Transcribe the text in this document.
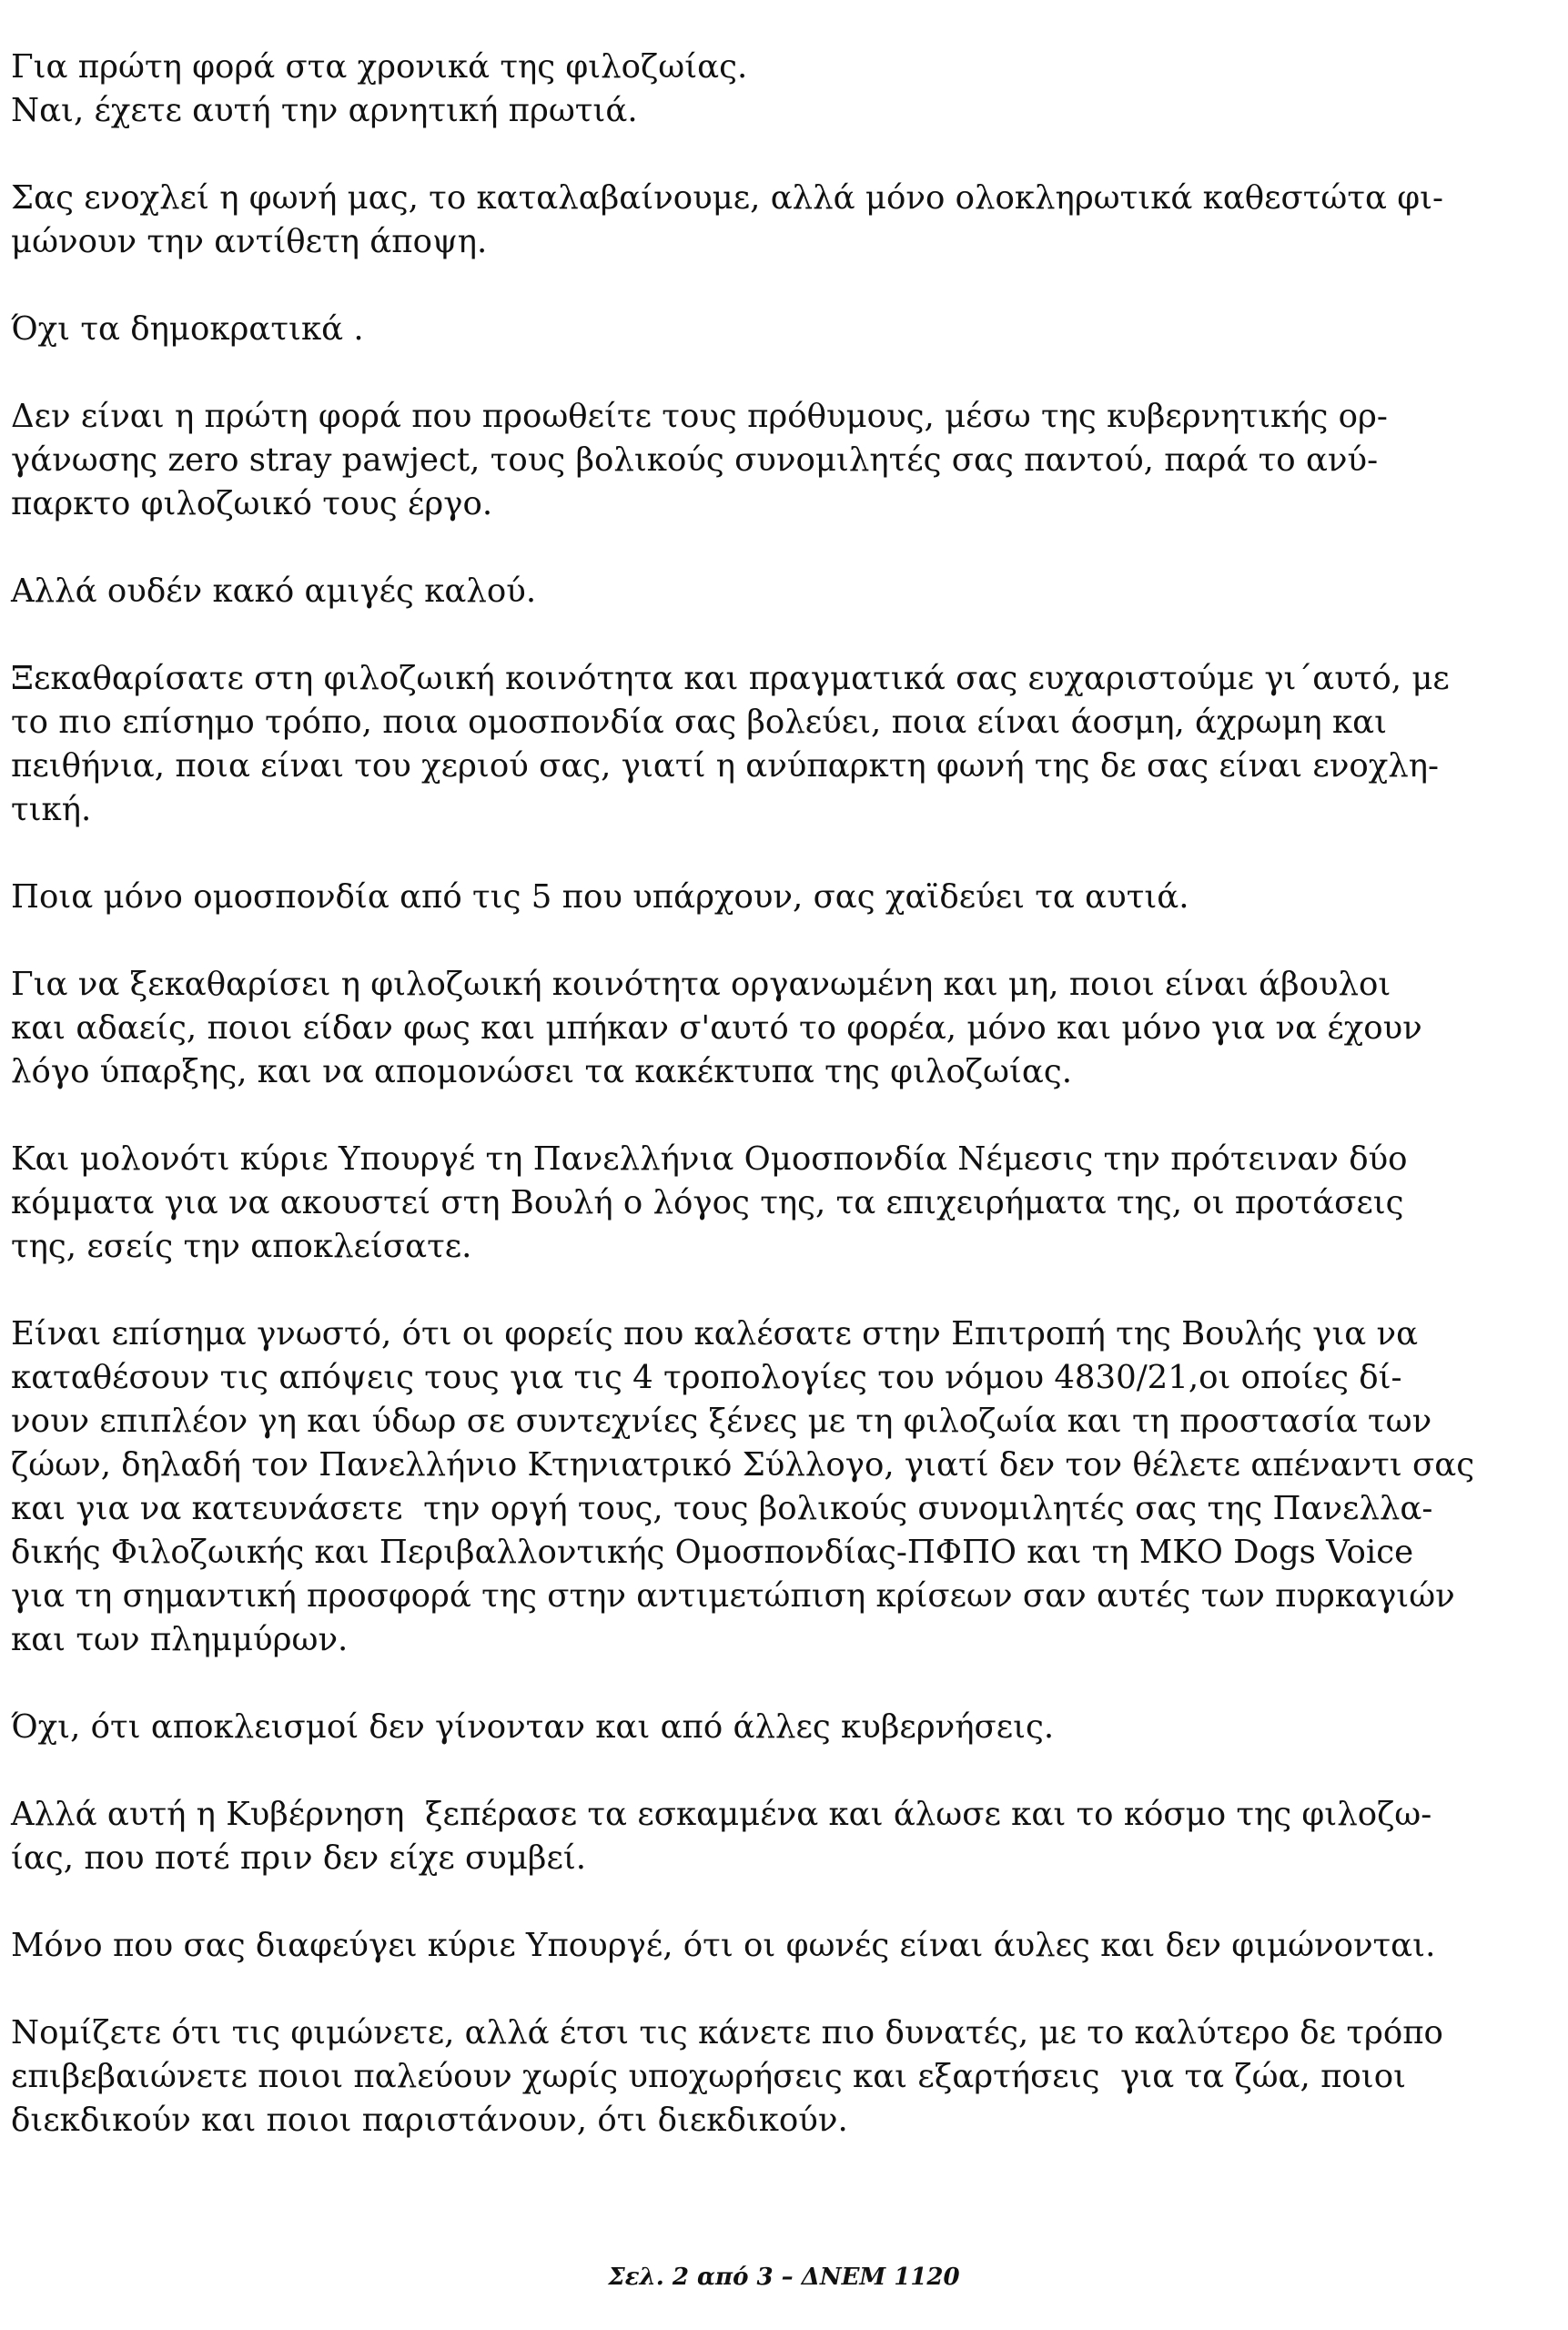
Για πρώτη φορά στα χρονικά της φιλοζωίας.
Ναι, έχετε αυτή την αρνητική πρωτιά.

Σας ενοχλεί η φωνή μας, το καταλαβαίνουμε, αλλά μόνο ολοκληρωτικά καθεστώτα φι-
μώνουν την αντίθετη άποψη.

Όχι τα δημοκρατικά .

Δεν είναι η πρώτη φορά που προωθείτε τους πρόθυμους, μέσω της κυβερνητικής ορ-
γάνωσης zero stray pawject, τους βολικούς συνομιλητές σας παντού, παρά το ανύ-
παρκτο φιλοζωικό τους έργο.

Αλλά ουδέν κακό αμιγές καλού.

Ξεκαθαρίσατε στη φιλοζωική κοινότητα και πραγματικά σας ευχαριστούμε γι΄αυτό, με
το πιο επίσημο τρόπο, ποια ομοσπονδία σας βολεύει, ποια είναι άοσμη, άχρωμη και
πειθήνια, ποια είναι του χεριού σας, γιατί η ανύπαρκτη φωνή της δε σας είναι ενοχλη-
τική.

Ποια μόνο ομοσπονδία από τις 5 που υπάρχουν, σας χαϊδεύει τα αυτιά.

Για να ξεκαθαρίσει η φιλοζωική κοινότητα οργανωμένη και μη, ποιοι είναι άβουλοι
και αδαείς, ποιοι είδαν φως και μπήκαν σ'αυτό το φορέα, μόνο και μόνο για να έχουν
λόγο ύπαρξης, και να απομονώσει τα κακέκτυπα της φιλοζωίας.

Και μολονότι κύριε Υπουργέ τη Πανελλήνια Ομοσπονδία Νέμεσις την πρότειναν δύο
κόμματα για να ακουστεί στη Βουλή ο λόγος της, τα επιχειρήματα της, οι προτάσεις
της, εσείς την αποκλείσατε.

Είναι επίσημα γνωστό, ότι οι φορείς που καλέσατε στην Επιτροπή της Βουλής για να
καταθέσουν τις απόψεις τους για τις 4 τροπολογίες του νόμου 4830/21,οι οποίες δί-
νουν επιπλέον γη και ύδωρ σε συντεχνίες ξένες με τη φιλοζωία και τη προστασία των
ζώων, δηλαδή τον Πανελλήνιο Κτηνιατρικό Σύλλογο, γιατί δεν τον θέλετε απέναντι σας
και για να κατευνάσετε  την οργή τους, τους βολικούς συνομιλητές σας της Πανελλα-
δικής Φιλοζωικής και Περιβαλλοντικής Ομοσπονδίας-ΠΦΠΟ και τη ΜΚΟ Dogs Voice
για τη σημαντική προσφορά της στην αντιμετώπιση κρίσεων σαν αυτές των πυρκαγιών
και των πλημμύρων.

Όχι, ότι αποκλεισμοί δεν γίνονταν και από άλλες κυβερνήσεις.

Αλλά αυτή η Κυβέρνηση  ξεπέρασε τα εσκαμμένα και άλωσε και το κόσμο της φιλοζω-
ίας, που ποτέ πριν δεν είχε συμβεί.

Μόνο που σας διαφεύγει κύριε Υπουργέ, ότι οι φωνές είναι άυλες και δεν φιμώνονται.

Νομίζετε ότι τις φιμώνετε, αλλά έτσι τις κάνετε πιο δυνατές, με το καλύτερο δε τρόπο
επιβεβαιώνετε ποιοι παλεύουν χωρίς υποχωρήσεις και εξαρτήσεις  για τα ζώα, ποιοι
διεκδικούν και ποιοι παριστάνουν, ότι διεκδικούν.

Σελ. 2 από 3 – ΔΝΕΜ 1120
